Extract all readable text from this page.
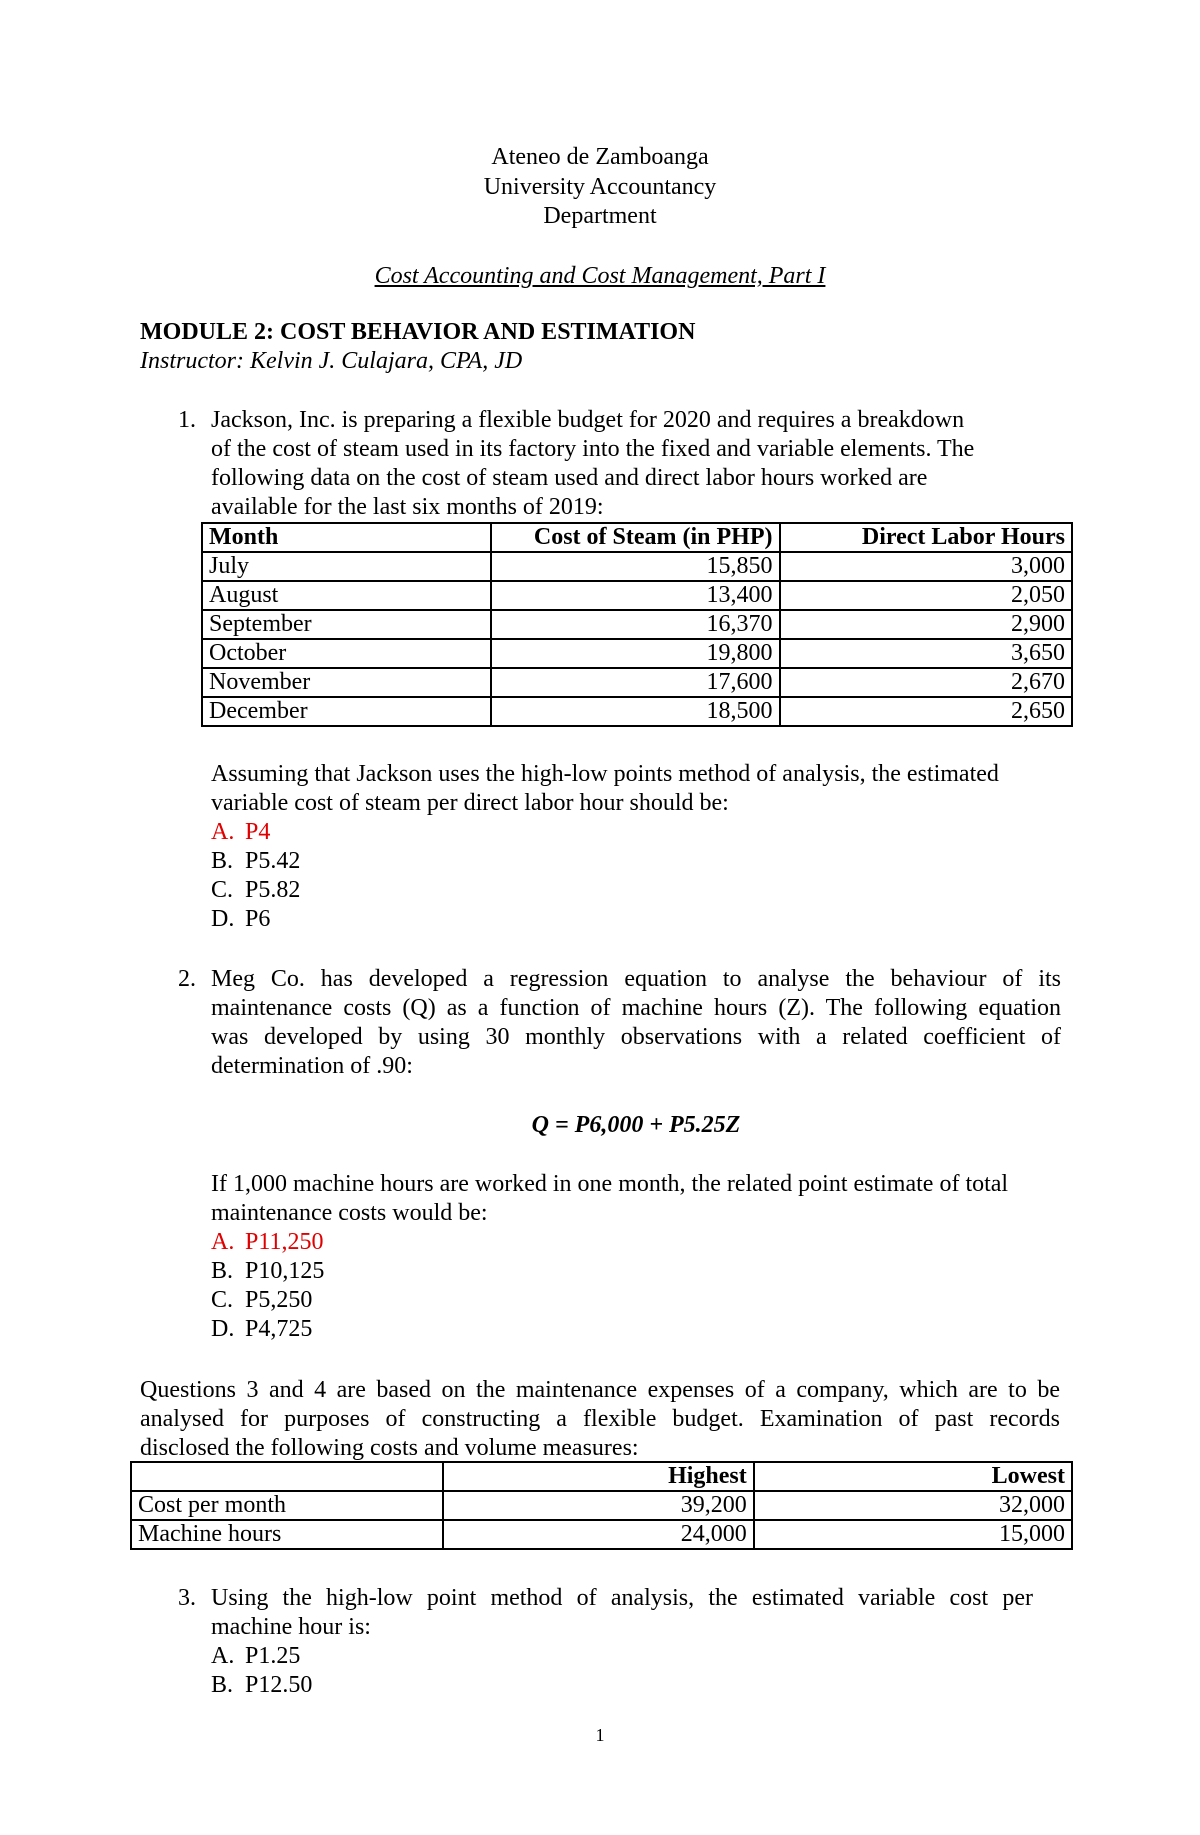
Ateneo de Zamboanga
University Accountancy
Department
Cost Accounting and Cost Management, Part I
MODULE 2: COST BEHAVIOR AND ESTIMATION
Instructor: Kelvin J. Culajara, CPA, JD
1. Jackson, Inc. is preparing a flexible budget for 2020 and requires a breakdown
of the cost of steam used in its factory into the fixed and variable elements. The
following data on the cost of steam used and direct labor hours worked are
available for the last six months of 2019:
Month	Cost of Steam (in PHP)	Direct Labor Hours
July	15,850	3,000
August	13,400	2,050
September	16,370	2,900
October	19,800	3,650
November	17,600	2,670
December	18,500	2,650
Assuming that Jackson uses the high-low points method of analysis, the estimated
variable cost of steam per direct labor hour should be:
A. P4
B. P5.42
C. P5.82
D. P6
2. Meg Co. has developed a regression equation to analyse the behaviour of its
maintenance costs (Q) as a function of machine hours (Z). The following equation
was developed by using 30 monthly observations with a related coefficient of
determination of .90:
Q = P6,000 + P5.25Z
If 1,000 machine hours are worked in one month, the related point estimate of total
maintenance costs would be:
A. P11,250
B. P10,125
C. P5,250
D. P4,725
Questions 3 and 4 are based on the maintenance expenses of a company, which are to be
analysed for purposes of constructing a flexible budget. Examination of past records
disclosed the following costs and volume measures:
	Highest	Lowest
Cost per month	39,200	32,000
Machine hours	24,000	15,000
3. Using the high-low point method of analysis, the estimated variable cost per
machine hour is:
A. P1.25
B. P12.50
1
